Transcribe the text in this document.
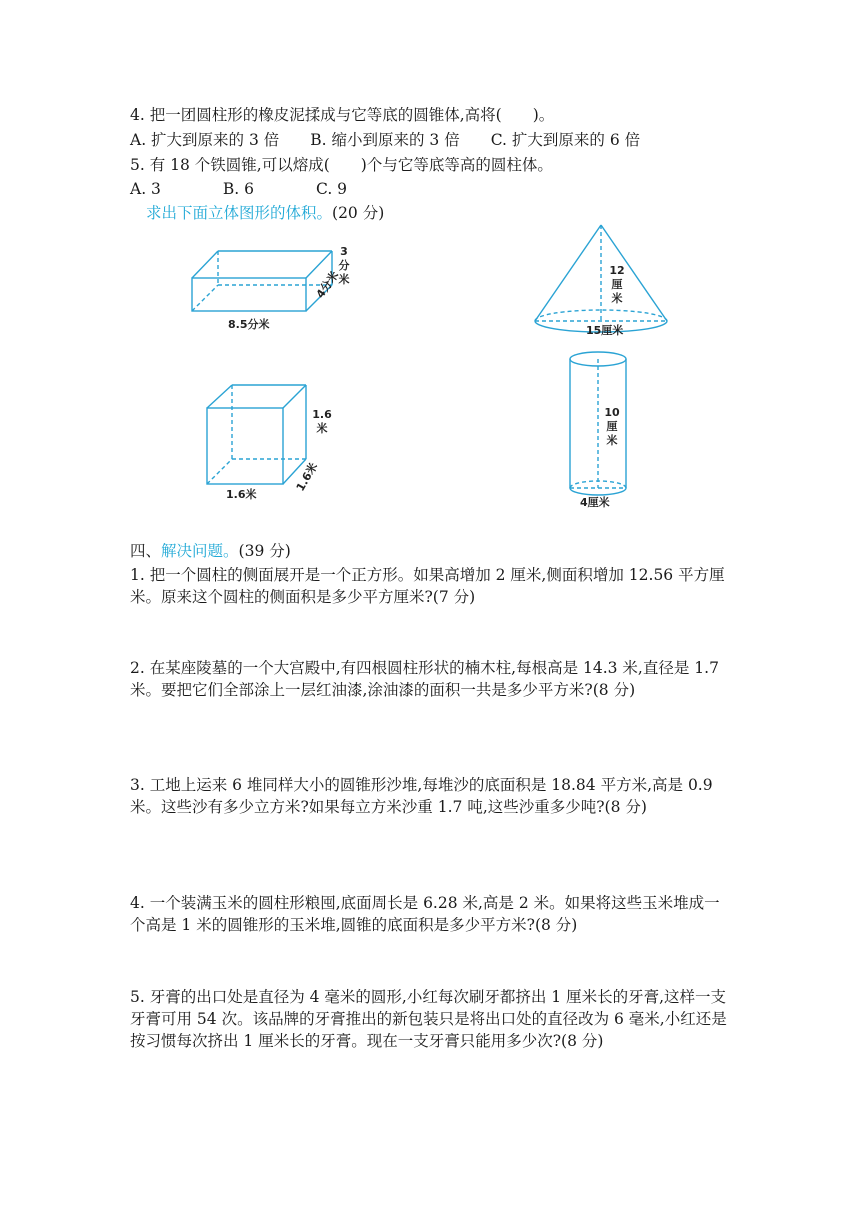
4. 把一团圆柱形的橡皮泥揉成与它等底的圆锥体,高将(　　)。
A. 扩大到原来的 3 倍　　B. 缩小到原来的 3 倍　　C. 扩大到原来的 6 倍
5. 有 18 个铁圆锥,可以熔成(　　)个与它等底等高的圆柱体。
A. 3　　　　B. 6　　　　C. 9
求出下面立体图形的体积。(20 分)
8.5分米
4分米
3
分
米
1.6
米
1.6米
1.6米
12
厘
米
15厘米
10
厘
米
4厘米
四、解决问题。(39 分)
1. 把一个圆柱的侧面展开是一个正方形。如果高增加 2 厘米,侧面积增加 12.56 平方厘米。原来这个圆柱的侧面积是多少平方厘米?(7 分)
2. 在某座陵墓的一个大宫殿中,有四根圆柱形状的楠木柱,每根高是 14.3 米,直径是 1.7 米。要把它们全部涂上一层红油漆,涂油漆的面积一共是多少平方米?(8 分)
3. 工地上运来 6 堆同样大小的圆锥形沙堆,每堆沙的底面积是 18.84 平方米,高是 0.9 米。这些沙有多少立方米?如果每立方米沙重 1.7 吨,这些沙重多少吨?(8 分)
4. 一个装满玉米的圆柱形粮囤,底面周长是 6.28 米,高是 2 米。如果将这些玉米堆成一个高是 1 米的圆锥形的玉米堆,圆锥的底面积是多少平方米?(8 分)
5. 牙膏的出口处是直径为 4 毫米的圆形,小红每次刷牙都挤出 1 厘米长的牙膏,这样一支牙膏可用 54 次。该品牌的牙膏推出的新包装只是将出口处的直径改为 6 毫米,小红还是按习惯每次挤出 1 厘米长的牙膏。现在一支牙膏只能用多少次?(8 分)
